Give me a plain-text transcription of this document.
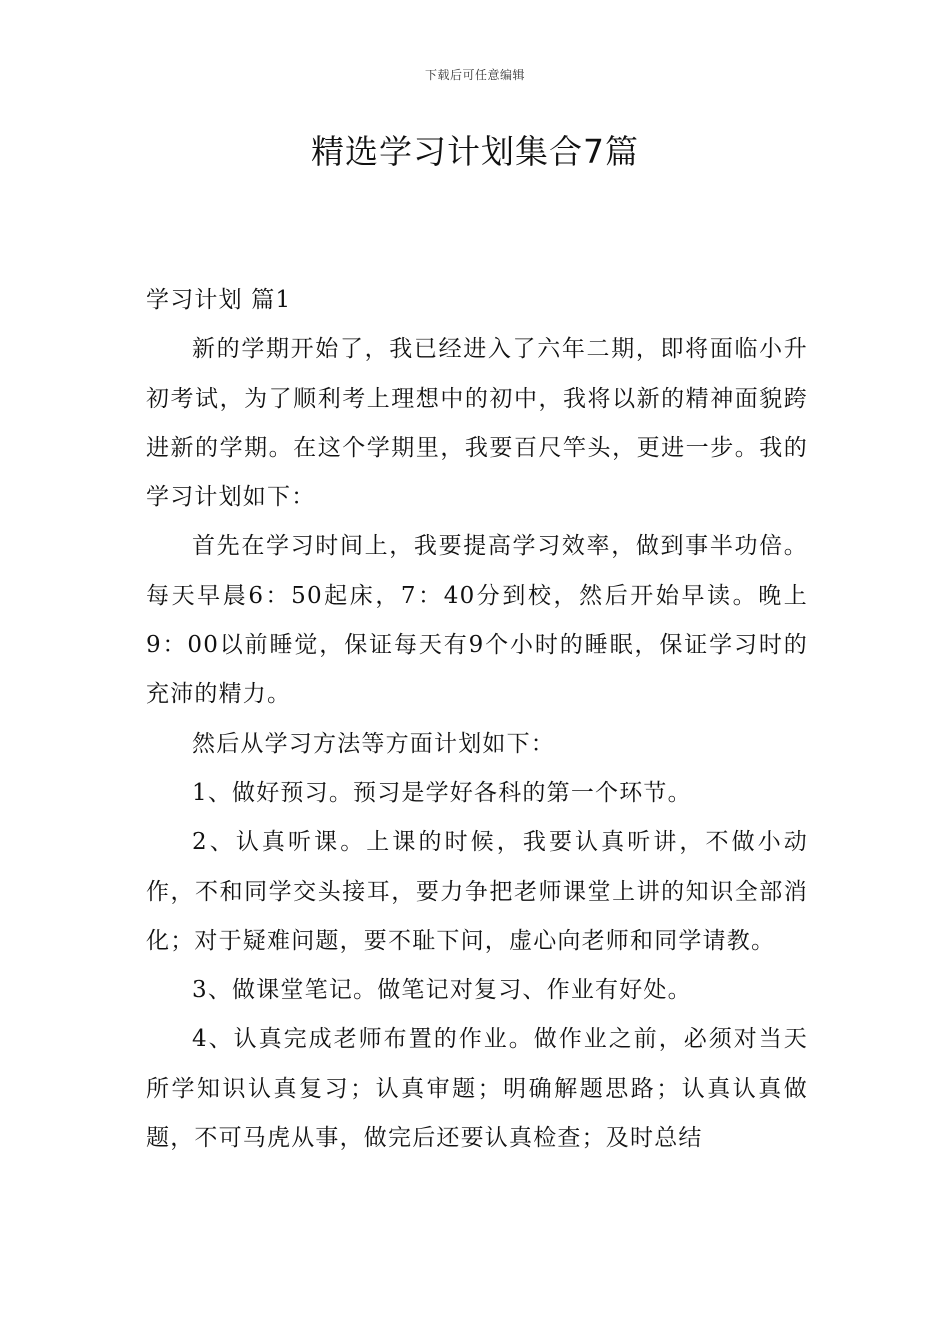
下载后可任意编辑
精选学习计划集合7篇

学习计划 篇1

新的学期开始了，我已经进入了六年二期，即将面临小升初考试，为了顺利考上理想中的初中，我将以新的精神面貌跨进新的学期。在这个学期里，我要百尺竿头，更进一步。我的学习计划如下：

首先在学习时间上，我要提高学习效率，做到事半功倍。每天早晨6：50起床，7：40分到校，然后开始早读。晚上9：00以前睡觉，保证每天有9个小时的睡眠，保证学习时的充沛的精力。

然后从学习方法等方面计划如下：

1、做好预习。预习是学好各科的第一个环节。

2、认真听课。上课的时候，我要认真听讲，不做小动作，不和同学交头接耳，要力争把老师课堂上讲的知识全部消化；对于疑难问题，要不耻下问，虚心向老师和同学请教。

3、做课堂笔记。做笔记对复习、作业有好处。

4、认真完成老师布置的作业。做作业之前，必须对当天所学知识认真复习；认真审题；明确解题思路；认真认真做题，不可马虎从事，做完后还要认真检查；及时总结
